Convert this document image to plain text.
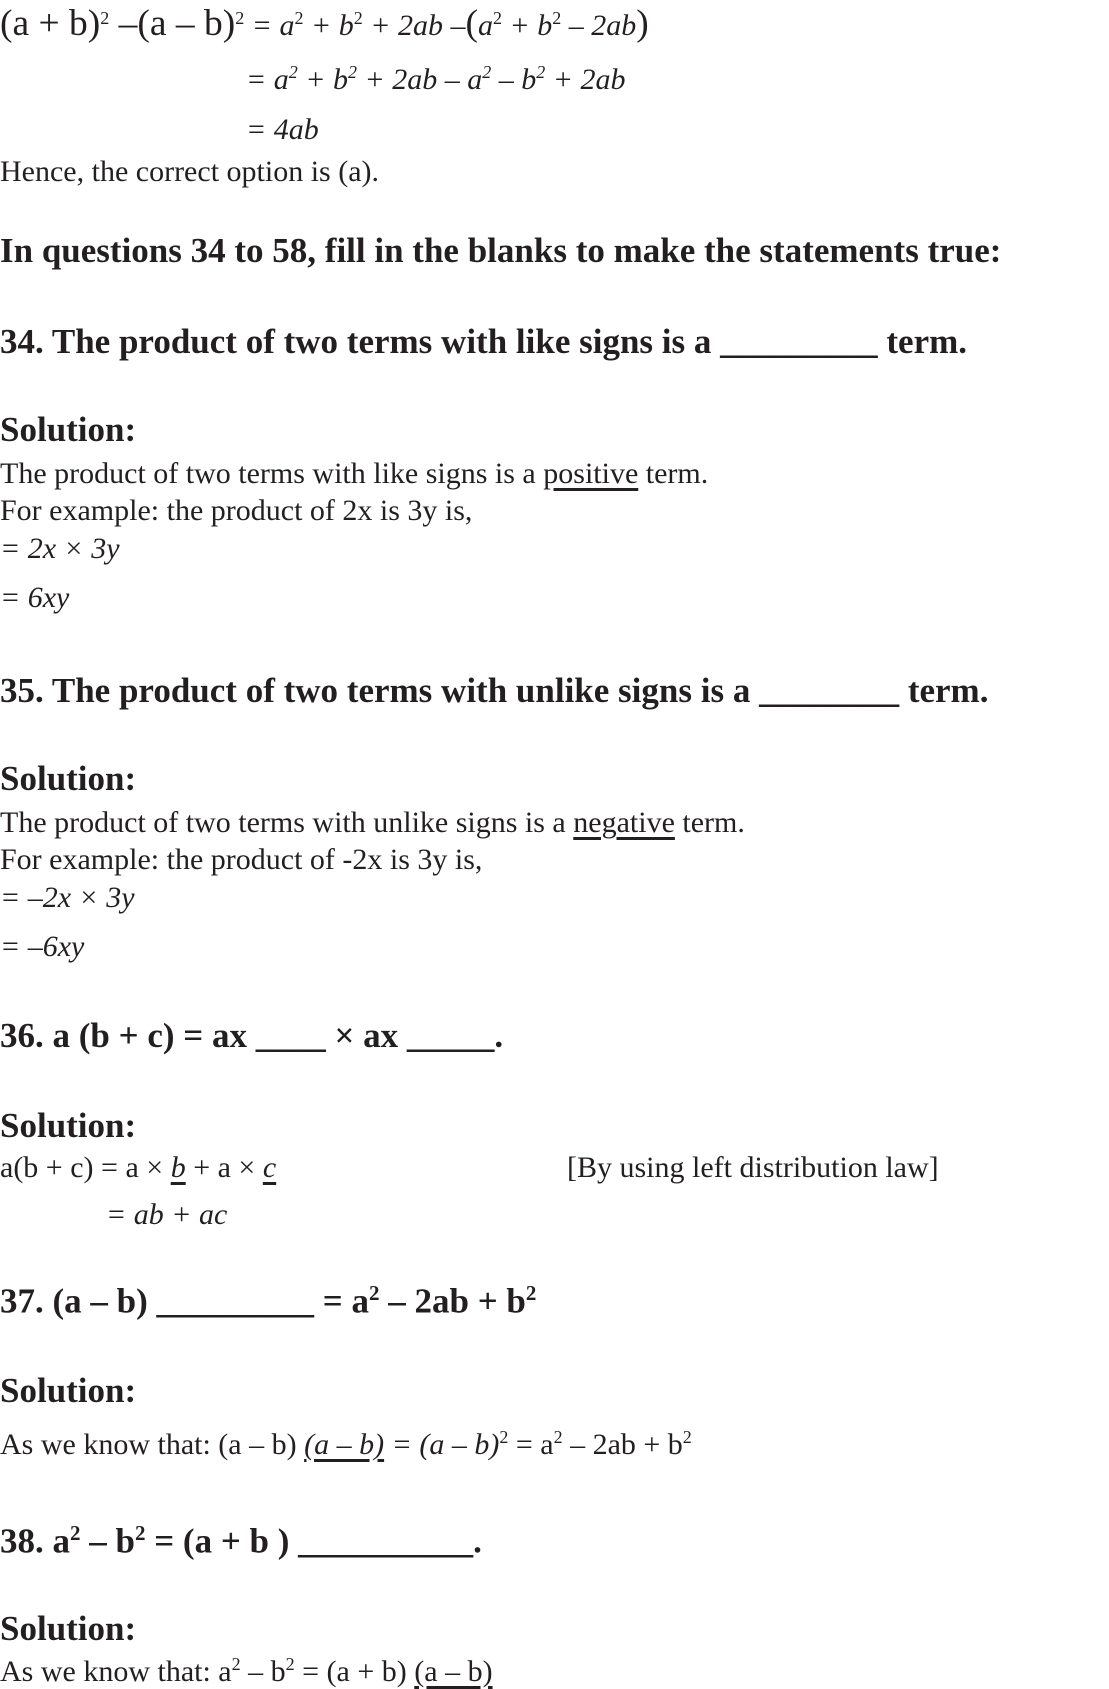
$(a + b)^2$ $-(a - b)^2 = a^2 + b^2 + 2ab$ $-(a^2 + b^2 - 2ab)$
= $a^2 + b^2 + 2ab - a^2 - b^2 + 2ab$
= 4ab
Hence, the correct option is (a).
In questions 34 to 58, fill in the blanks to make the statements true:
34. The product of two terms with like signs is a _________ term.
Solution:
The product of two terms with like signs is a positive term.
For example: the product of 2x is 3y is,
= 2x × 3y
= 6xy
35. The product of two terms with unlike signs is a ________ term.
Solution:
The product of two terms with unlike signs is a negative term.
For example: the product of -2x is 3y is,
= –2x × 3y
= –6xy
36. a (b + c) = ax ____ × ax _____.
Solution:
a(b + c) = a × b + a × c	[By using left distribution law]
= ab + ac
37. (a – b) _________ = $a^2 - 2ab + b^2$
Solution:
As we know that: (a – b) $(a - b) = (a - b)^2 = a^2 - 2ab + b^2$
38. $a^2 - b^2 = (a + b$ ) __________.
Solution:
As we know that: $a^2 - b^2 = (a + b)$ (a – b)
